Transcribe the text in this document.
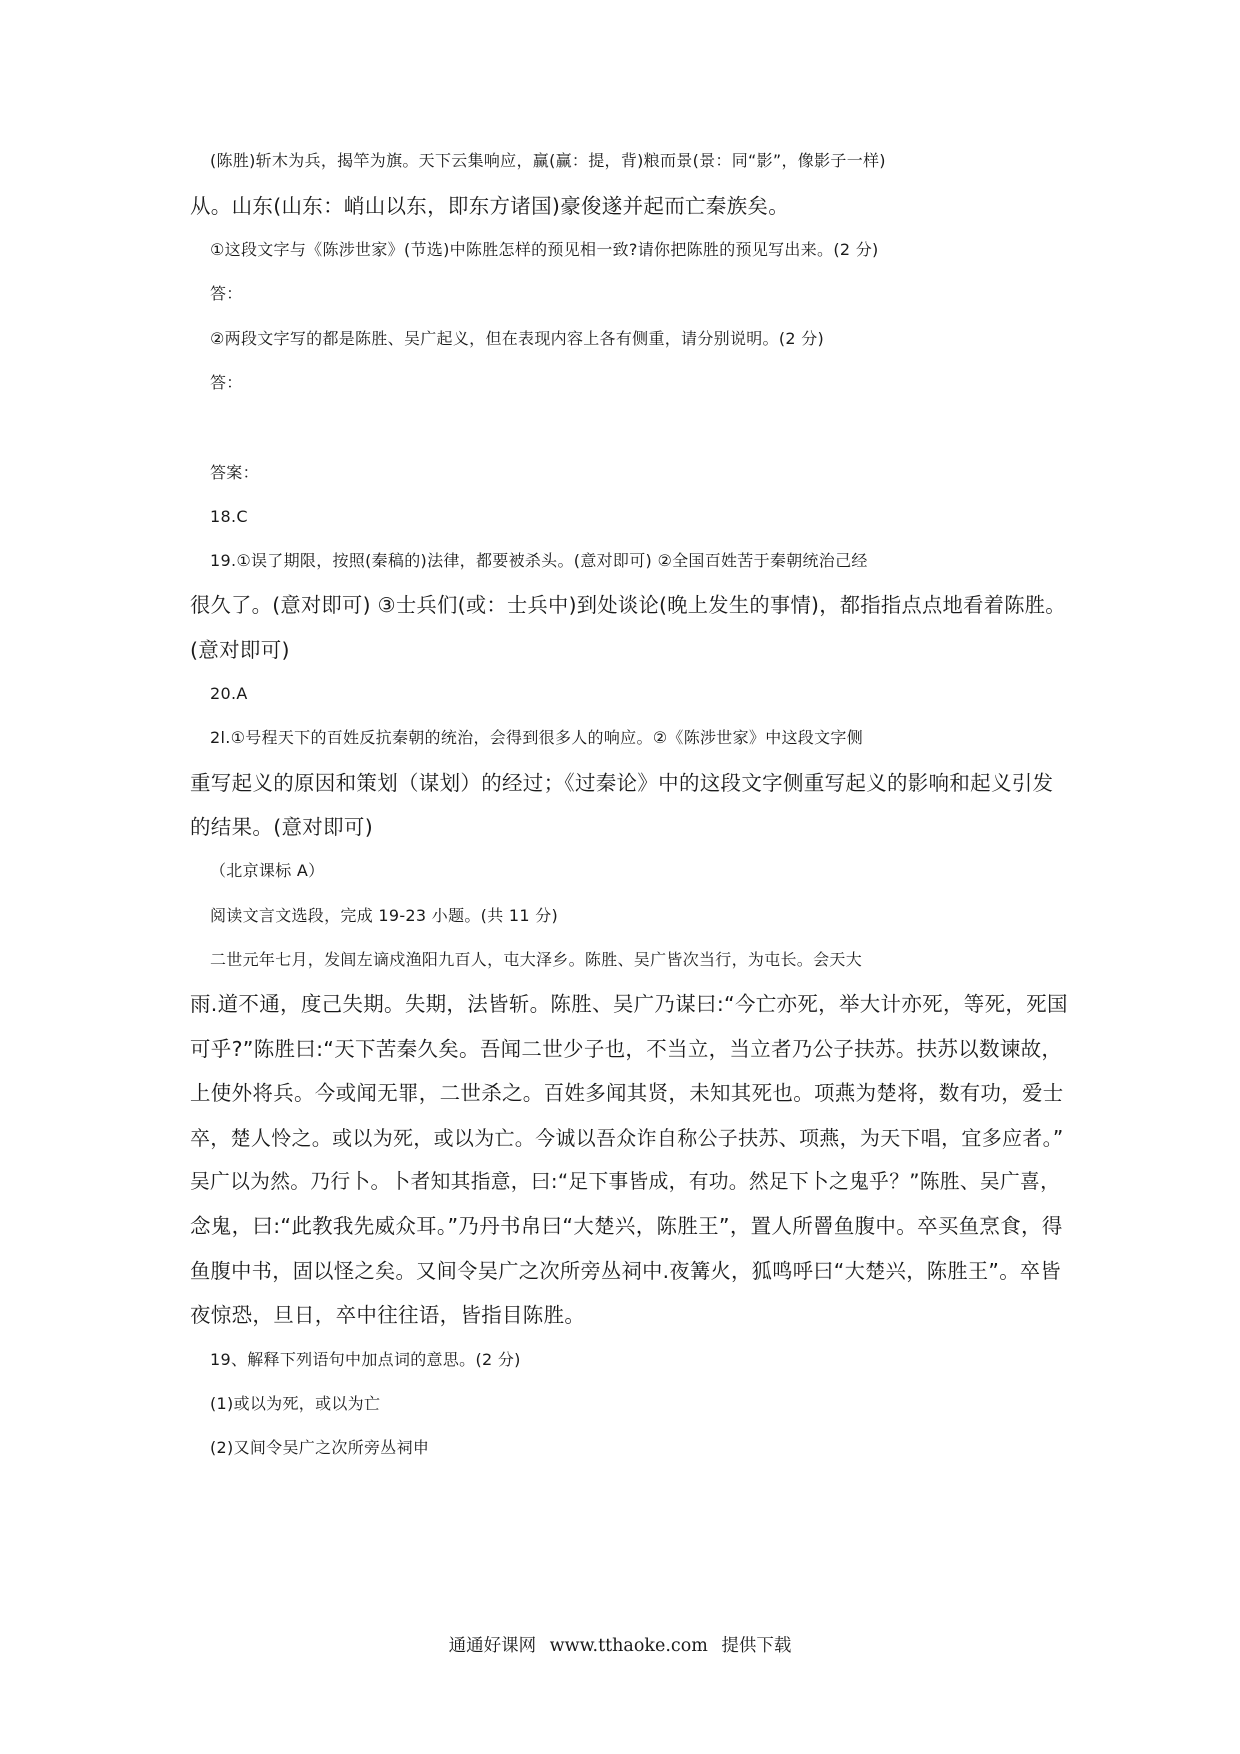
(陈胜)斩木为兵，揭竿为旗。天下云集响应，赢(赢：提，背)粮而景(景：同“影”，像影子一样)
从。山东(山东：峭山以东，即东方诸国)豪俊遂并起而亡秦族矣。
①这段文字与《陈涉世家》(节选)中陈胜怎样的预见相一致?请你把陈胜的预见写出来。(2 分)
答：
②两段文字写的都是陈胜、吴广起义，但在表现内容上各有侧重，请分别说明。(2 分)
答：
答案：
18.C
19.①误了期限，按照(秦稿的)法律，都要被杀头。(意对即可) ②全国百姓苦于秦朝统治己经
很久了。(意对即可) ③士兵们(或：士兵中)到处谈论(晚上发生的事情)，都指指点点地看着陈胜。
(意对即可)
20.A
2l.①号程天下的百姓反抗秦朝的统治，会得到很多人的响应。②《陈涉世家》中这段文字侧
重写起义的原因和策划（谋划）的经过；《过秦论》中的这段文字侧重写起义的影响和起义引发
的结果。(意对即可)
（北京课标 A）
阅读文言文选段，完成 19-23 小题。(共 11 分)
二世元年七月，发闾左谪戍渔阳九百人，屯大泽乡。陈胜、吴广皆次当行，为屯长。会天大
雨.道不通，度己失期。失期，法皆斩。陈胜、吴广乃谋曰:“今亡亦死，举大计亦死，等死，死国
可乎?”陈胜曰:“天下苦秦久矣。吾闻二世少子也，不当立，当立者乃公子扶苏。扶苏以数谏故，
上使外将兵。今或闻无罪，二世杀之。百姓多闻其贤，未知其死也。项燕为楚将，数有功，爱士
卒，楚人怜之。或以为死，或以为亡。今诚以吾众诈自称公子扶苏、项燕，为天下唱，宜多应者。”
吴广以为然。乃行卜。卜者知其指意，曰:“足下事皆成，有功。然足下卜之鬼乎？”陈胜、吴广喜，
念鬼，曰:“此教我先威众耳。”乃丹书帛曰“大楚兴，陈胜王”，置人所罾鱼腹中。卒买鱼烹食，得
鱼腹中书，固以怪之矣。又间令吴广之次所旁丛祠中.夜篝火，狐鸣呼曰“大楚兴，陈胜王”。卒皆
夜惊恐，旦日，卒中往往语，皆指目陈胜。
19、解释下列语句中加点词的意思。(2 分)
(1)或以为死，或以为亡
(2)又间令吴广之次所旁丛祠申
通通好课网 www.tthaoke.com 提供下载
